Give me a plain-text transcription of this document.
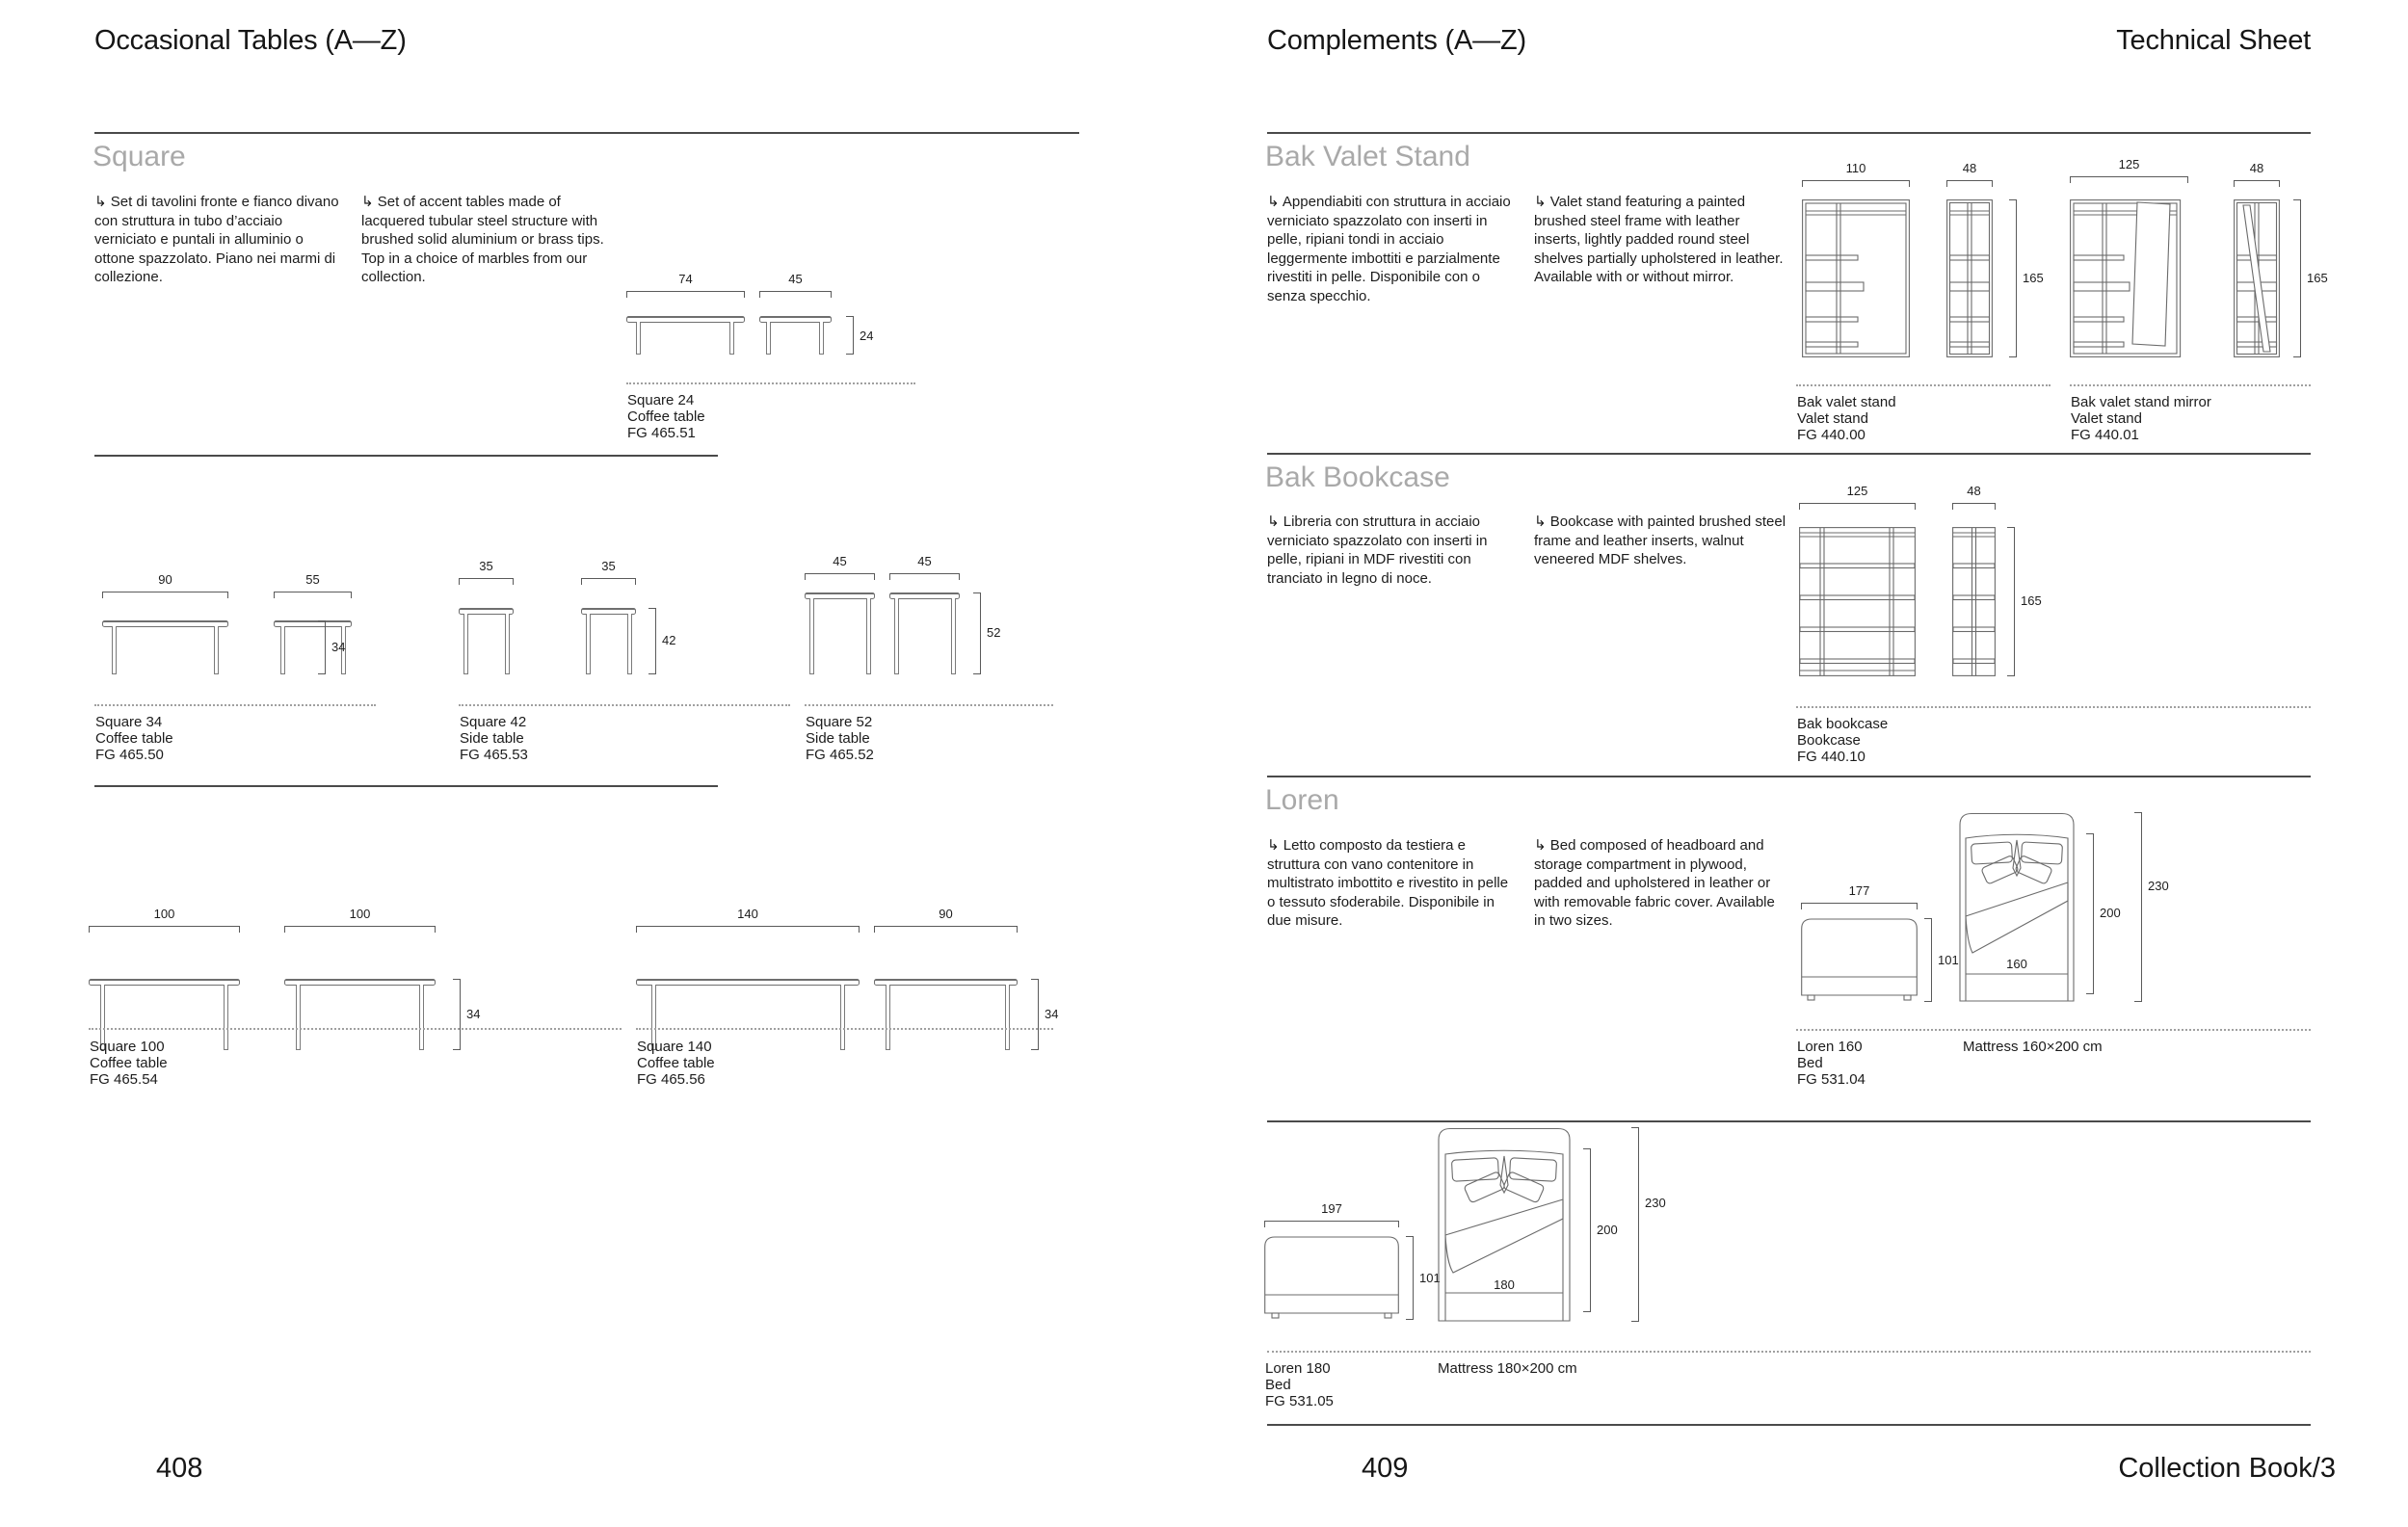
Occasional Tables (A—Z)
Square
↳ Set di tavolini fronte e fianco divano con struttura in tubo d’acciaio verniciato e puntali in alluminio o ottone spazzolato. Piano nei marmi di collezione.
↳ Set of accent tables made of lacquered tubular steel structure with brushed solid aluminium or brass tips. Top in a choice of marbles from our collection.	74	45
24
Square 24
Coffee table
FG 465.51
90	55
34
Square 34
Coffee table
FG 465.50
35	35
42
Square 42
Side table
FG 465.53
45	45
52
Square 52
Side table
FG 465.52
100	100
34
Square 100
Coffee table
FG 465.54
140	90
34
Square 140
Coffee table
FG 465.56
408
Complements (A—Z)	Technical Sheet
Bak Valet Stand
↳ Appendiabiti con struttura in acciaio verniciato spazzolato con inserti in pelle, ripiani tondi in acciaio leggermente imbottiti e parzialmente rivestiti in pelle. Disponibile con o senza specchio.
↳ Valet stand featuring a painted brushed steel frame with leather inserts, lightly padded round steel shelves partially upholstered in leather. Available with or without mirror.
110	48
165
125	48
165
Bak valet stand
Valet stand
FG 440.00
Bak valet stand mirror
Valet stand
FG 440.01
Bak Bookcase
↳ Libreria con struttura in acciaio verniciato spazzolato con inserti in pelle, ripiani in MDF rivestiti con tranciato in legno di noce.
↳ Bookcase with painted brushed steel frame and leather inserts, walnut veneered MDF shelves.
125	48
165
Bak bookcase
Bookcase
FG 440.10
Loren
↳ Letto composto da testiera e struttura con vano contenitore in multistrato imbottito e rivestito in pelle o tessuto sfoderabile. Disponibile in due misure.
↳ Bed composed of headboard and storage compartment in plywood, padded and upholstered in leather or with removable fabric cover. Available in two sizes.
177
101
200
230
160
Loren 160
Bed
FG 531.04
Mattress 160×200 cm
197
101
200
230
180
Loren 180
Bed
FG 531.05
Mattress 180×200 cm
409	Collection Book/3
